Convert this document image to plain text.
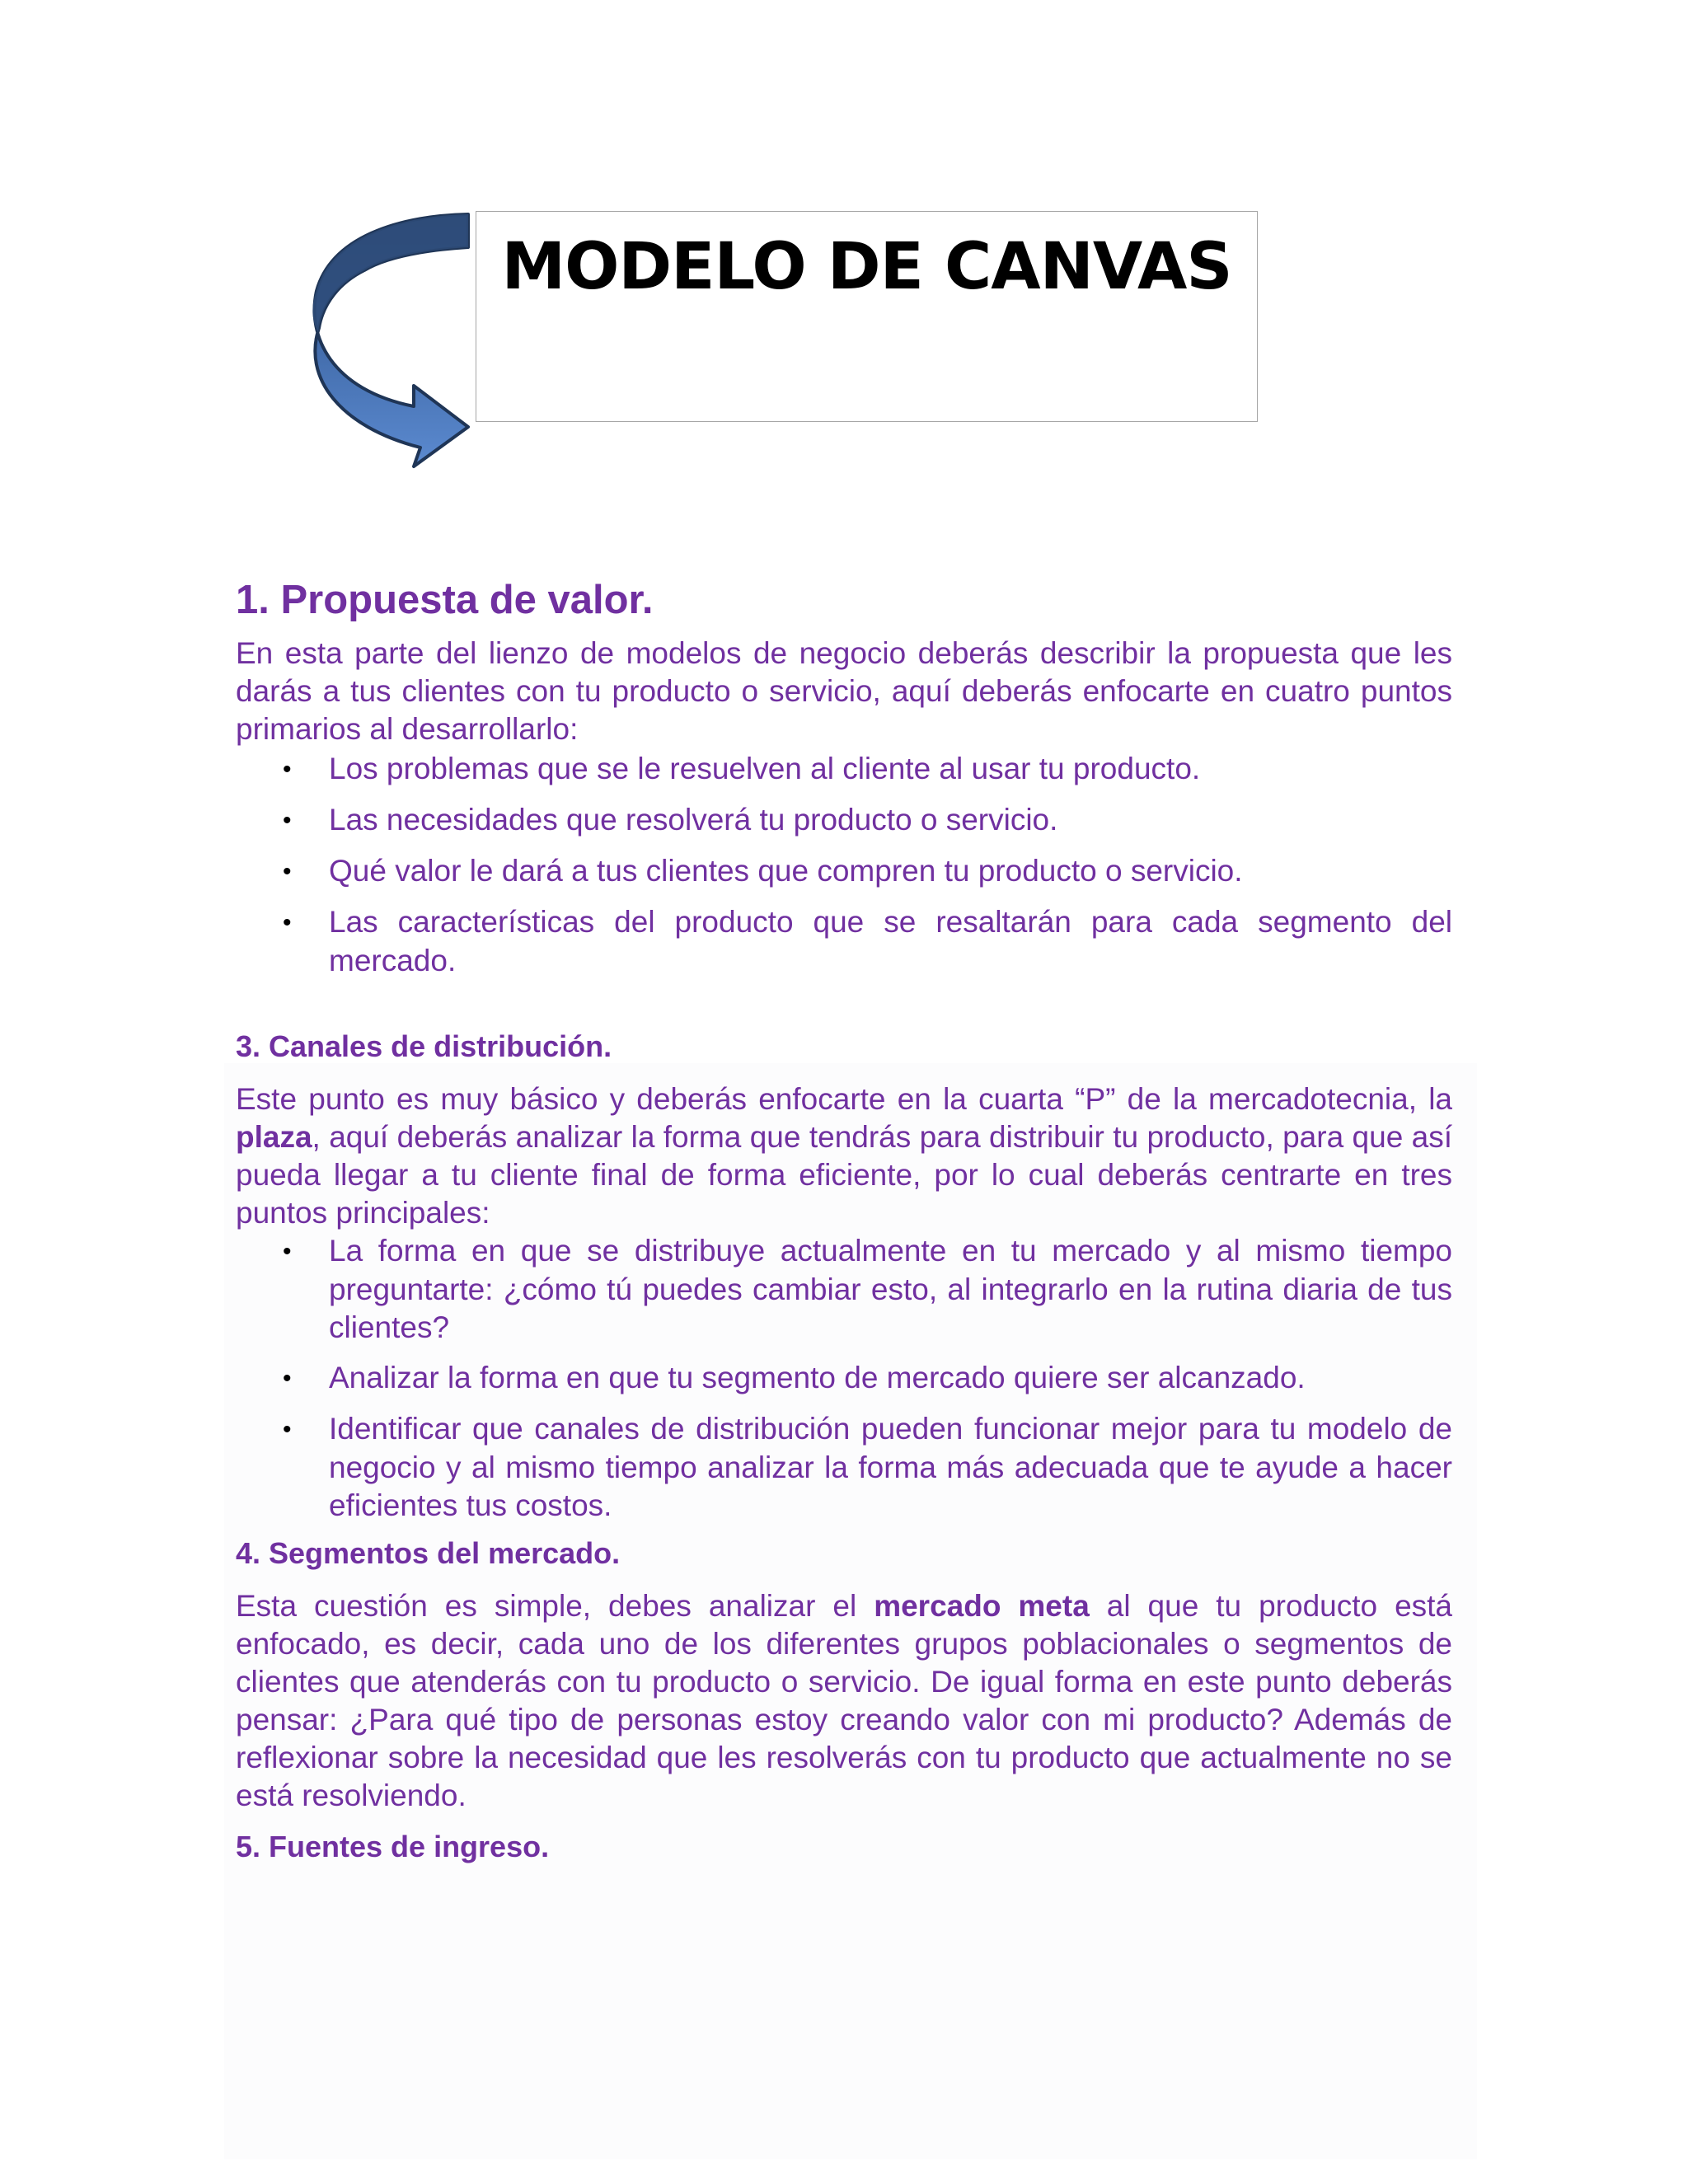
MODELO DE CANVAS
1. Propuesta de valor.

En esta parte del lienzo de modelos de negocio deberás describir la propuesta que les darás a tus clientes con tu producto o servicio, aquí deberás enfocarte en cuatro puntos primarios al desarrollarlo:

• Los problemas que se le resuelven al cliente al usar tu producto.
• Las necesidades que resolverá tu producto o servicio.
• Qué valor le dará a tus clientes que compren tu producto o servicio.
• Las características del producto que se resaltarán para cada segmento del mercado.
3. Canales de distribución.

Este punto es muy básico y deberás enfocarte en la cuarta “P” de la mercadotecnia, la plaza, aquí deberás analizar la forma que tendrás para distribuir tu producto, para que así pueda llegar a tu cliente final de forma eficiente, por lo cual deberás centrarte en tres puntos principales:

• La forma en que se distribuye actualmente en tu mercado y al mismo tiempo preguntarte: ¿cómo tú puedes cambiar esto, al integrarlo en la rutina diaria de tus clientes?
• Analizar la forma en que tu segmento de mercado quiere ser alcanzado.
• Identificar que canales de distribución pueden funcionar mejor para tu modelo de negocio y al mismo tiempo analizar la forma más adecuada que te ayude a hacer eficientes tus costos.
4. Segmentos del mercado.

Esta cuestión es simple, debes analizar el mercado meta al que tu producto está enfocado, es decir, cada uno de los diferentes grupos poblacionales o segmentos de clientes que atenderás con tu producto o servicio. De igual forma en este punto deberás pensar: ¿Para qué tipo de personas estoy creando valor con mi producto? Además de reflexionar sobre la necesidad que les resolverás con tu producto que actualmente no se está resolviendo.

5. Fuentes de ingreso.
